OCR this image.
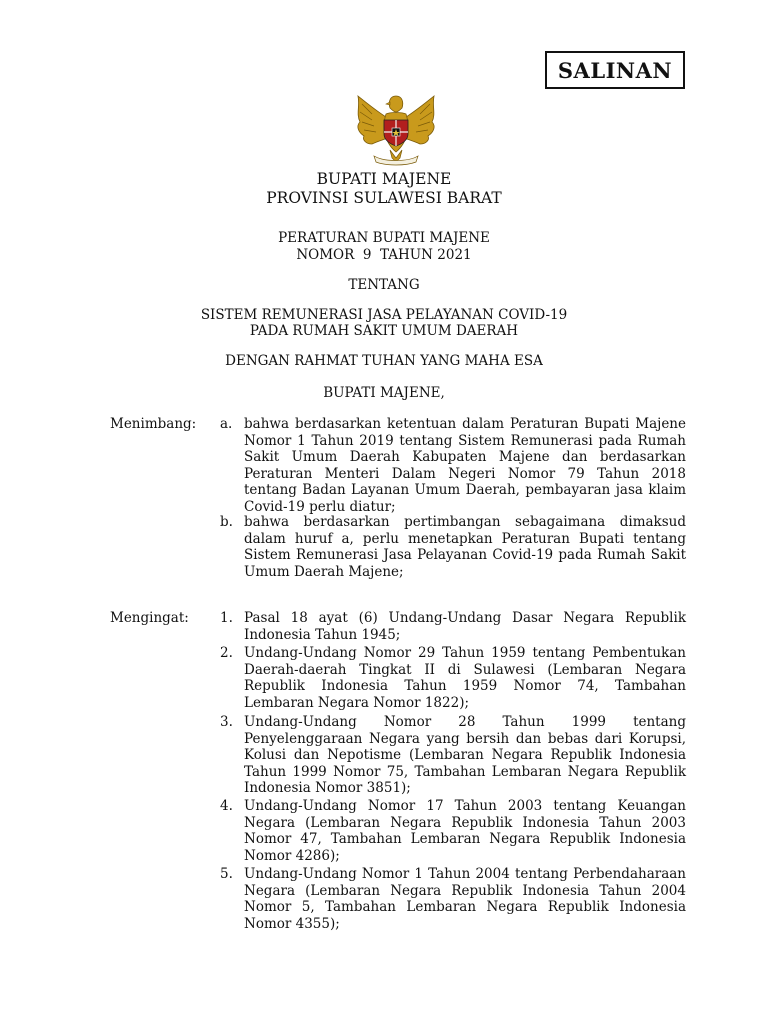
SALINAN
BUPATI MAJENE
PROVINSI SULAWESI BARAT
PERATURAN BUPATI MAJENE
NOMOR  9  TAHUN 2021
TENTANG
SISTEM REMUNERASI JASA PELAYANAN COVID-19
PADA RUMAH SAKIT UMUM DAERAH
DENGAN RAHMAT TUHAN YANG MAHA ESA
BUPATI MAJENE,
Menimbang: a. bahwa berdasarkan ketentuan dalam Peraturan Bupati Majene Nomor 1 Tahun 2019 tentang Sistem Remunerasi pada Rumah Sakit Umum Daerah Kabupaten Majene dan berdasarkan Peraturan Menteri Dalam Negeri Nomor 79 Tahun 2018 tentang Badan Layanan Umum Daerah, pembayaran jasa klaim Covid-19 perlu diatur;
b. bahwa berdasarkan pertimbangan sebagaimana dimaksud dalam huruf a, perlu menetapkan Peraturan Bupati tentang Sistem Remunerasi Jasa Pelayanan Covid-19 pada Rumah Sakit Umum Daerah Majene;
Mengingat: 1. Pasal 18 ayat (6) Undang-Undang Dasar Negara Republik Indonesia Tahun 1945;
2. Undang-Undang Nomor 29 Tahun 1959 tentang Pembentukan Daerah-daerah Tingkat II di Sulawesi (Lembaran Negara Republik Indonesia Tahun 1959 Nomor 74, Tambahan Lembaran Negara Nomor 1822);
3. Undang-Undang Nomor 28 Tahun 1999 tentang Penyelenggaraan Negara yang bersih dan bebas dari Korupsi, Kolusi dan Nepotisme (Lembaran Negara Republik Indonesia Tahun 1999 Nomor 75, Tambahan Lembaran Negara Republik Indonesia Nomor 3851);
4. Undang-Undang Nomor 17 Tahun 2003 tentang Keuangan Negara (Lembaran Negara Republik Indonesia Tahun 2003 Nomor 47, Tambahan Lembaran Negara Republik Indonesia Nomor 4286);
5. Undang-Undang Nomor 1 Tahun 2004 tentang Perbendaharaan Negara (Lembaran Negara Republik Indonesia Tahun 2004 Nomor 5, Tambahan Lembaran Negara Republik Indonesia Nomor 4355);
